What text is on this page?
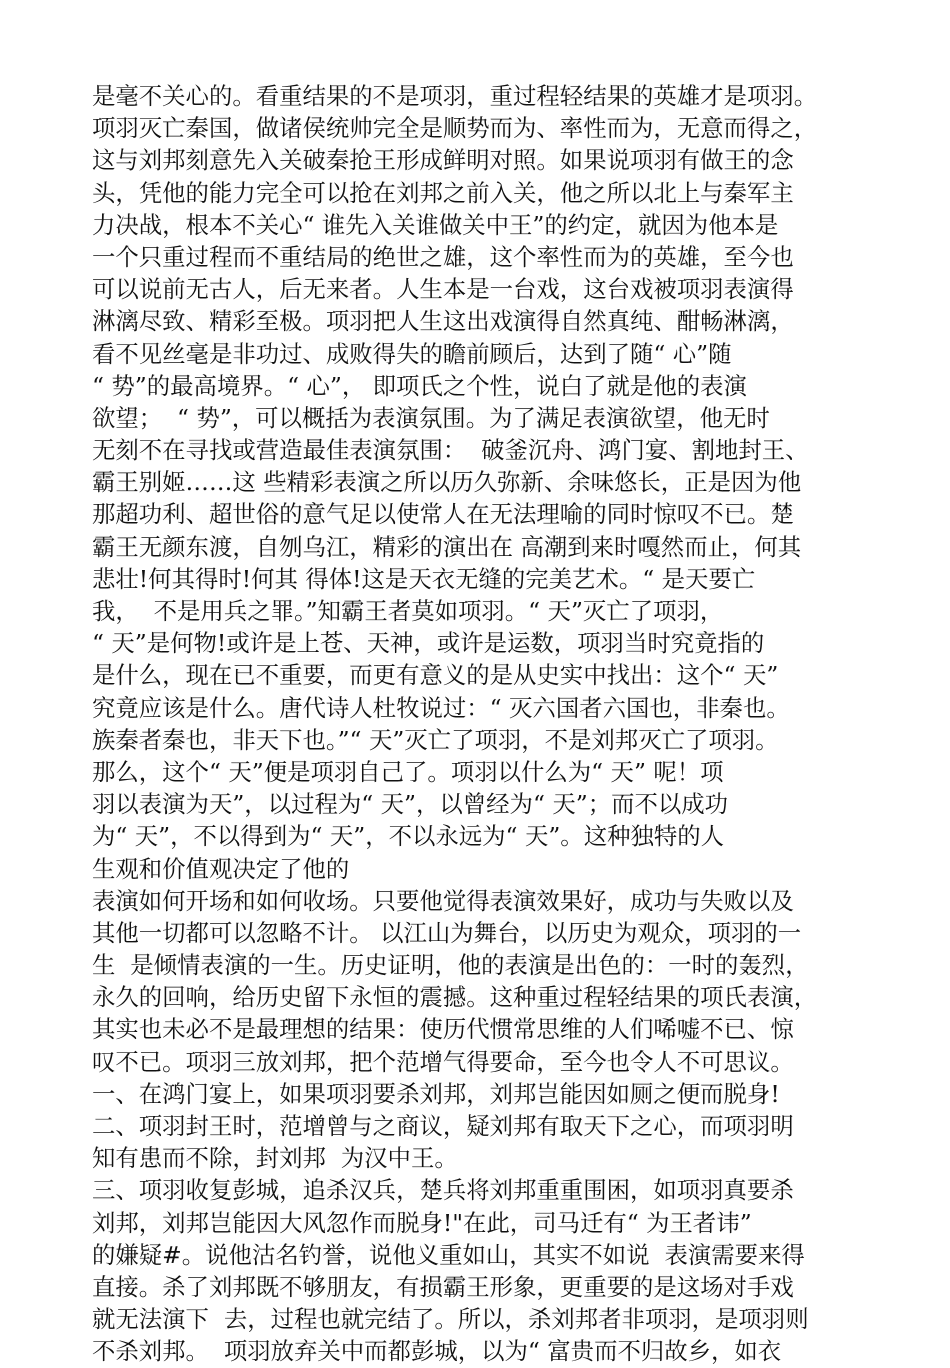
是毫不关心的。看重结果的不是项羽，重过程轻结果的英雄才是项羽。
项羽灭亡秦国，做诸侯统帅完全是顺势而为、率性而为，无意而得之，
这与刘邦刻意先入关破秦抢王形成鲜明对照。如果说项羽有做王的念
头，凭他的能力完全可以抢在刘邦之前入关，他之所以北上与秦军主
力决战，根本不关心“ 谁先入关谁做关中王”的约定，就因为他本是
一个只重过程而不重结局的绝世之雄，这个率性而为的英雄，至今也
可以说前无古人，后无来者。人生本是一台戏，这台戏被项羽表演得
淋漓尽致、精彩至极。项羽把人生这出戏演得自然真纯、酣畅淋漓，
看不见丝毫是非功过、成败得失的瞻前顾后，达到了随“ 心”随
“ 势”的最高境界。“ 心”， 即项氏之个性，说白了就是他的表演
欲望；  “ 势”，可以概括为表演氛围。为了满足表演欲望，他无时
无刻不在寻找或营造最佳表演氛围：  破釜沉舟、鸿门宴、割地封王、
霸王别姬……这 些精彩表演之所以历久弥新、余味悠长，正是因为他
那超功利、超世俗的意气足以使常人在无法理喻的同时惊叹不已。楚
霸王无颜东渡，自刎乌江，精彩的演出在 高潮到来时嘎然而止，何其
悲壮!何其得时!何其 得体!这是天衣无缝的完美艺术。“ 是天要亡
我，  不是用兵之罪。”知霸王者莫如项羽。“ 天”灭亡了项羽，
“ 天”是何物!或许是上苍、天神，或许是运数，项羽当时究竟指的
是什么，现在已不重要，而更有意义的是从史实中找出：这个“ 天”
究竟应该是什么。唐代诗人杜牧说过：“ 灭六国者六国也，非秦也。
族秦者秦也，非天下也。”“ 天”灭亡了项羽，不是刘邦灭亡了项羽。
那么，这个“ 天”便是项羽自己了。项羽以什么为“ 天” 呢！项
羽以表演为天”，以过程为“ 天”，以曾经为“ 天”；而不以成功
为“ 天”，不以得到为“ 天”，不以永远为“ 天”。这种独特的人
生观和价值观决定了他的
表演如何开场和如何收场。只要他觉得表演效果好，成功与失败以及
其他一切都可以忽略不计。 以江山为舞台，以历史为观众，项羽的一
生  是倾情表演的一生。历史证明，他的表演是出色的：一时的轰烈，
永久的回响，给历史留下永恒的震撼。这种重过程轻结果的项氏表演，
其实也未必不是最理想的结果：使历代惯常思维的人们唏嘘不已、惊
叹不已。项羽三放刘邦，把个范增气得要命，至今也令人不可思议。
一、在鸿门宴上，如果项羽要杀刘邦，刘邦岂能因如厕之便而脱身!
二、项羽封王时，范增曾与之商议，疑刘邦有取天下之心，而项羽明
知有患而不除，封刘邦  为汉中王。
三、项羽收复彭城，追杀汉兵，楚兵将刘邦重重围困，如项羽真要杀
刘邦，刘邦岂能因大风忽作而脱身!"在此，司马迁有“ 为王者讳”
的嫌疑#。说他沽名钓誉，说他义重如山，其实不如说  表演需要来得
直接。杀了刘邦既不够朋友，有损霸王形象，更重要的是这场对手戏
就无法演下  去，过程也就完结了。所以，杀刘邦者非项羽，是项羽则
不杀刘邦。  项羽放弃关中而都彭城，以为“ 富贵而不归故乡，如衣
